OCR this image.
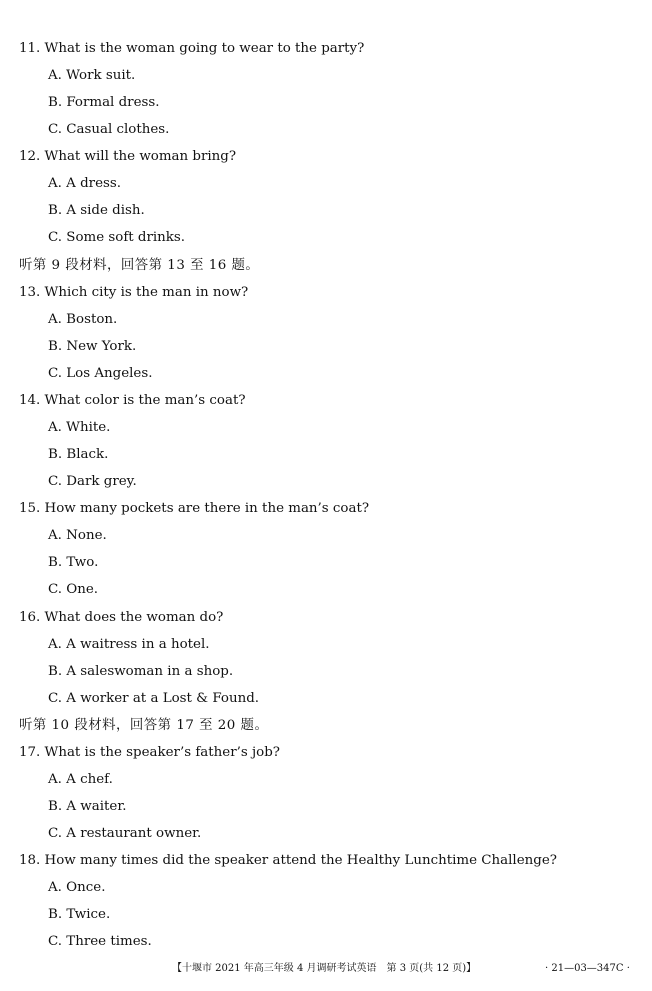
11. What is the woman going to wear to the party?
A. Work suit.
B. Formal dress.
C. Casual clothes.
12. What will the woman bring?
A. A dress.
B. A side dish.
C. Some soft drinks.
听第 9 段材料，回答第 13 至 16 题。
13. Which city is the man in now?
A. Boston.
B. New York.
C. Los Angeles.
14. What color is the man’s coat?
A. White.
B. Black.
C. Dark grey.
15. How many pockets are there in the man’s coat?
A. None.
B. Two.
C. One.
16. What does the woman do?
A. A waitress in a hotel.
B. A saleswoman in a shop.
C. A worker at a Lost & Found.
听第 10 段材料，回答第 17 至 20 题。
17. What is the speaker’s father’s job?
A. A chef.
B. A waiter.
C. A restaurant owner.
18. How many times did the speaker attend the Healthy Lunchtime Challenge?
A. Once.
B. Twice.
C. Three times.
【十堰市 2021 年高三年级 4 月调研考试英语　第 3 页(共 12 页)】	· 21—03—347C ·
